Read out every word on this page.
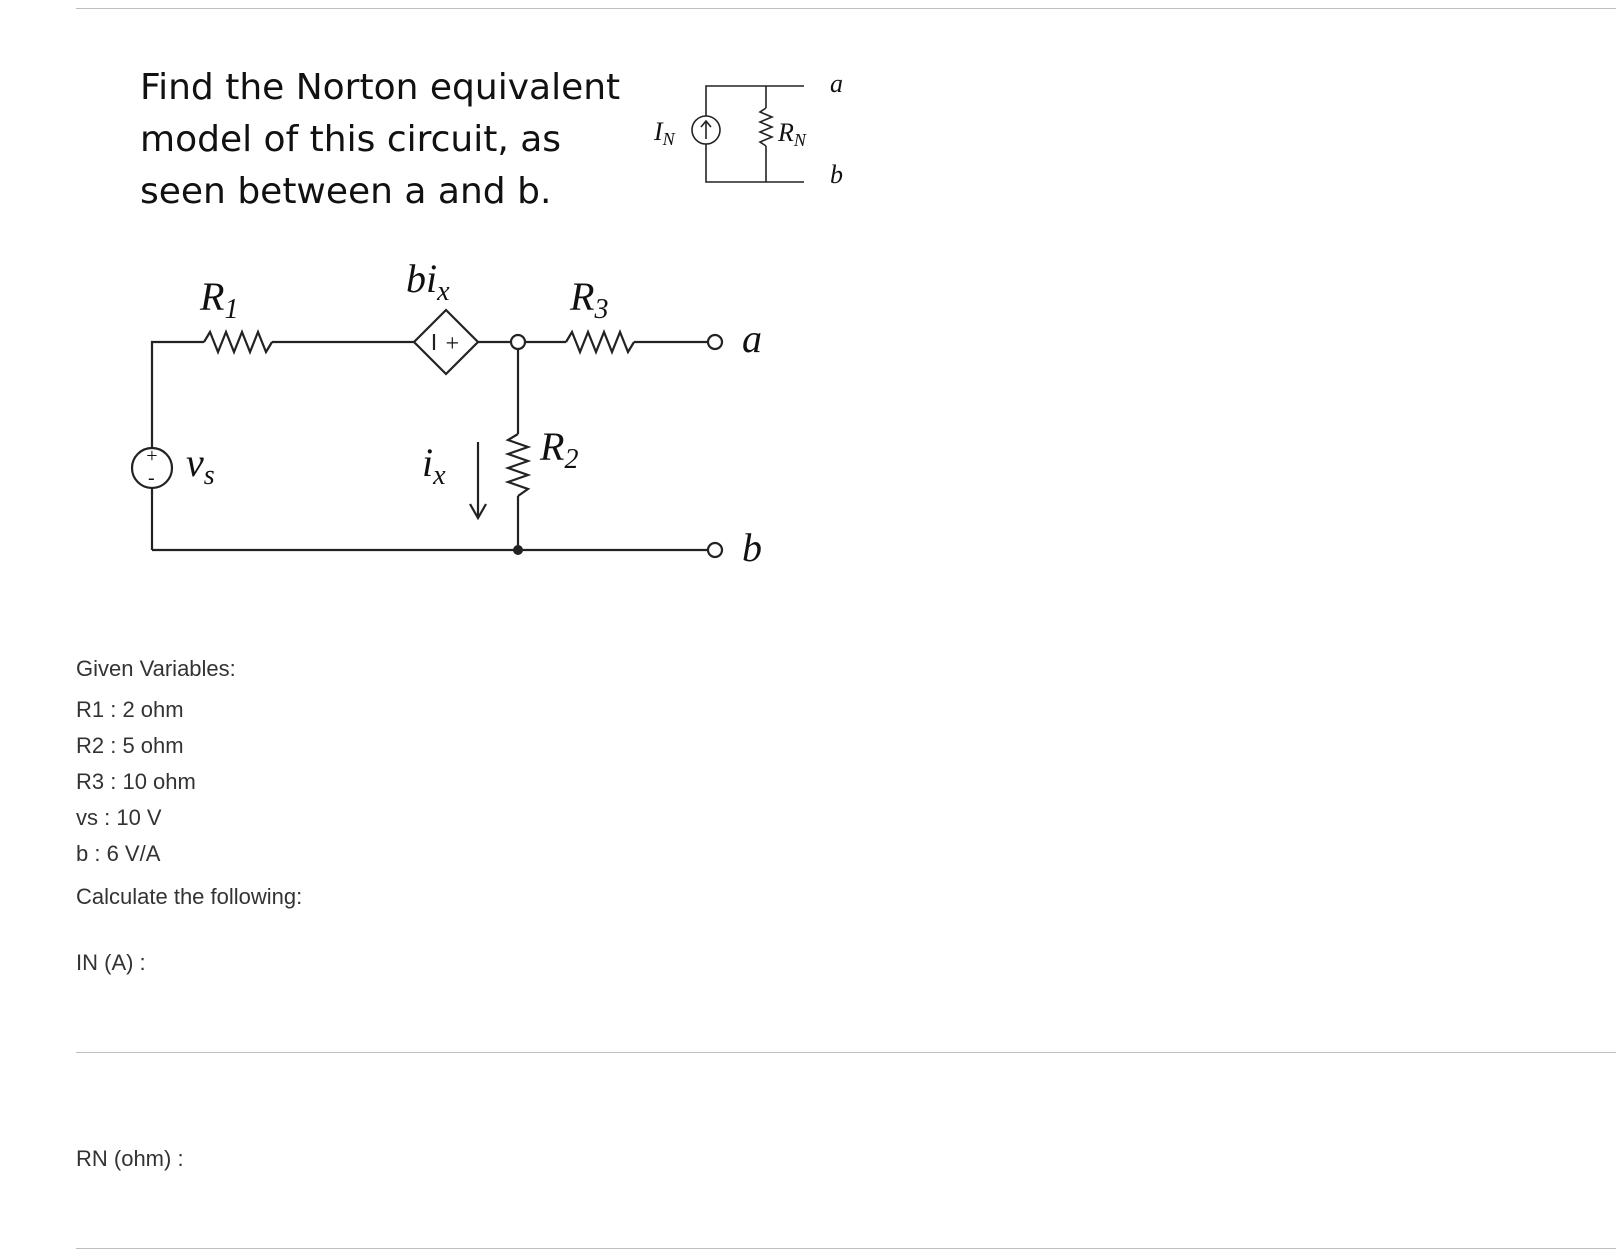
Find the Norton equivalent
model of this circuit, as
seen between a and b.
IN	RN
a
b
+
+
-
$R_1$
$bi_x$	$R_3$
$R_2$
$i_x$
$v_s$
a
b
Given Variables:
R1 : 2 ohm
R2 : 5 ohm
R3 : 10 ohm
vs : 10 V
b : 6 V/A
Calculate the following:
IN (A) :
RN (ohm) :
